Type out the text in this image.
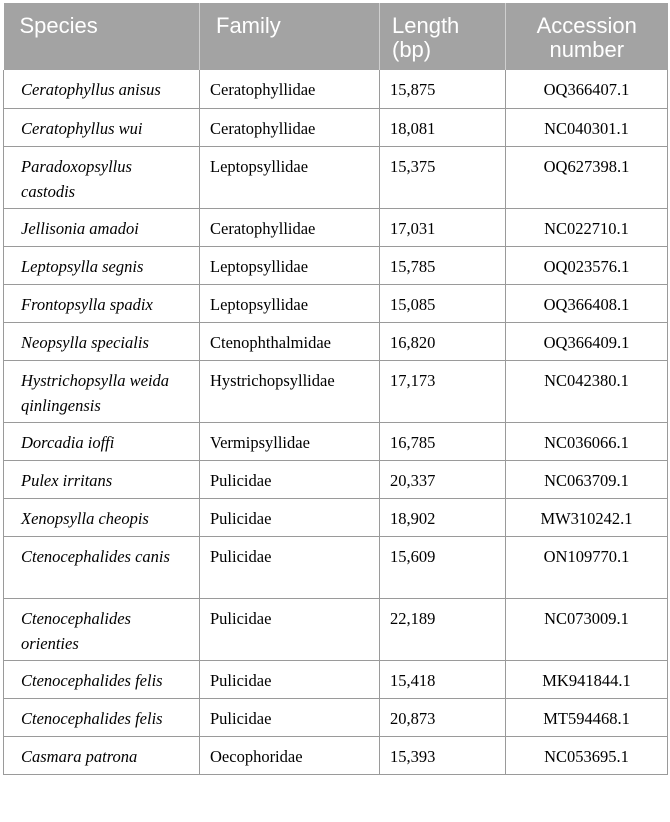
Species	Family	Length (bp)	Accession number
Ceratophyllus anisus	Ceratophyllidae	15,875	OQ366407.1
Ceratophyllus wui	Ceratophyllidae	18,081	NC040301.1
Paradoxopsyllus castodis	Leptopsyllidae	15,375	OQ627398.1
Jellisonia amadoi	Ceratophyllidae	17,031	NC022710.1
Leptopsylla segnis	Leptopsyllidae	15,785	OQ023576.1
Frontopsylla spadix	Leptopsyllidae	15,085	OQ366408.1
Neopsylla specialis	Ctenophthalmidae	16,820	OQ366409.1
Hystrichopsylla weida qinlingensis	Hystrichopsyllidae	17,173	NC042380.1
Dorcadia ioffi	Vermipsyllidae	16,785	NC036066.1
Pulex irritans	Pulicidae	20,337	NC063709.1
Xenopsylla cheopis	Pulicidae	18,902	MW310242.1
Ctenocephalides canis	Pulicidae	15,609	ON109770.1
Ctenocephalides orienties	Pulicidae	22,189	NC073009.1
Ctenocephalides felis	Pulicidae	15,418	MK941844.1
Ctenocephalides felis	Pulicidae	20,873	MT594468.1
Casmara patrona	Oecophoridae	15,393	NC053695.1
